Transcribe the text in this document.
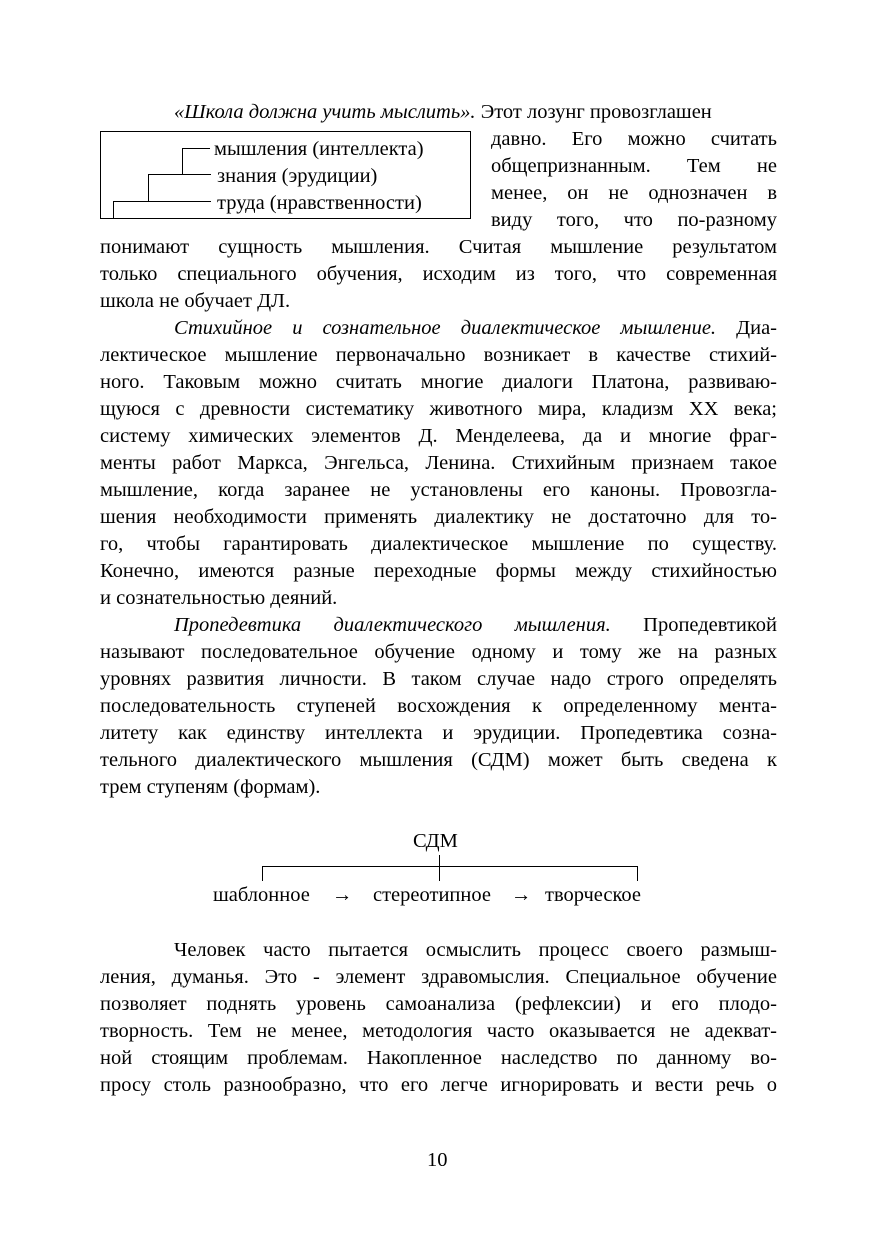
«Школа должна учить мыслить». Этот лозунг провозглашен
давно. Его можно считать
общепризнанным. Тем не
менее, он не однозначен в
виду того, что по-разному
понимают сущность мышления. Считая мышление результатом
только специального обучения, исходим из того, что современная
школа не обучает ДЛ.
мышления (интеллекта)
знания (эрудиции)
труда (нравственности)
Стихийное и сознательное диалектическое мышление. Диа-
лектическое мышление первоначально возникает в качестве стихий-
ного. Таковым можно считать многие диалоги Платона, развиваю-
щуюся с древности систематику животного мира, кладизм XX века;
систему химических элементов Д. Менделеева, да и многие фраг-
менты работ Маркса, Энгельса, Ленина. Стихийным признаем такое
мышление, когда заранее не установлены его каноны. Провозгла-
шения необходимости применять диалектику не достаточно для то-
го, чтобы гарантировать диалектическое мышление по существу.
Конечно, имеются разные переходные формы между стихийностью
и сознательностью деяний.
Пропедевтика диалектического мышления. Пропедевтикой
называют последовательное обучение одному и тому же на разных
уровнях развития личности. В таком случае надо строго определять
последовательность ступеней восхождения к определенному мента-
литету как единству интеллекта и эрудиции. Пропедевтика созна-
тельного диалектического мышления (СДМ) может быть сведена к
трем ступеням (формам).
СДМ
шаблонное → стереотипное → творческое
Человек часто пытается осмыслить процесс своего размыш-
ления, думанья. Это - элемент здравомыслия. Специальное обучение
позволяет поднять уровень самоанализа (рефлексии) и его плодо-
творность. Тем не менее, методология часто оказывается не адекват-
ной стоящим проблемам. Накопленное наследство по данному во-
просу столь разнообразно, что его легче игнорировать и вести речь о
10
